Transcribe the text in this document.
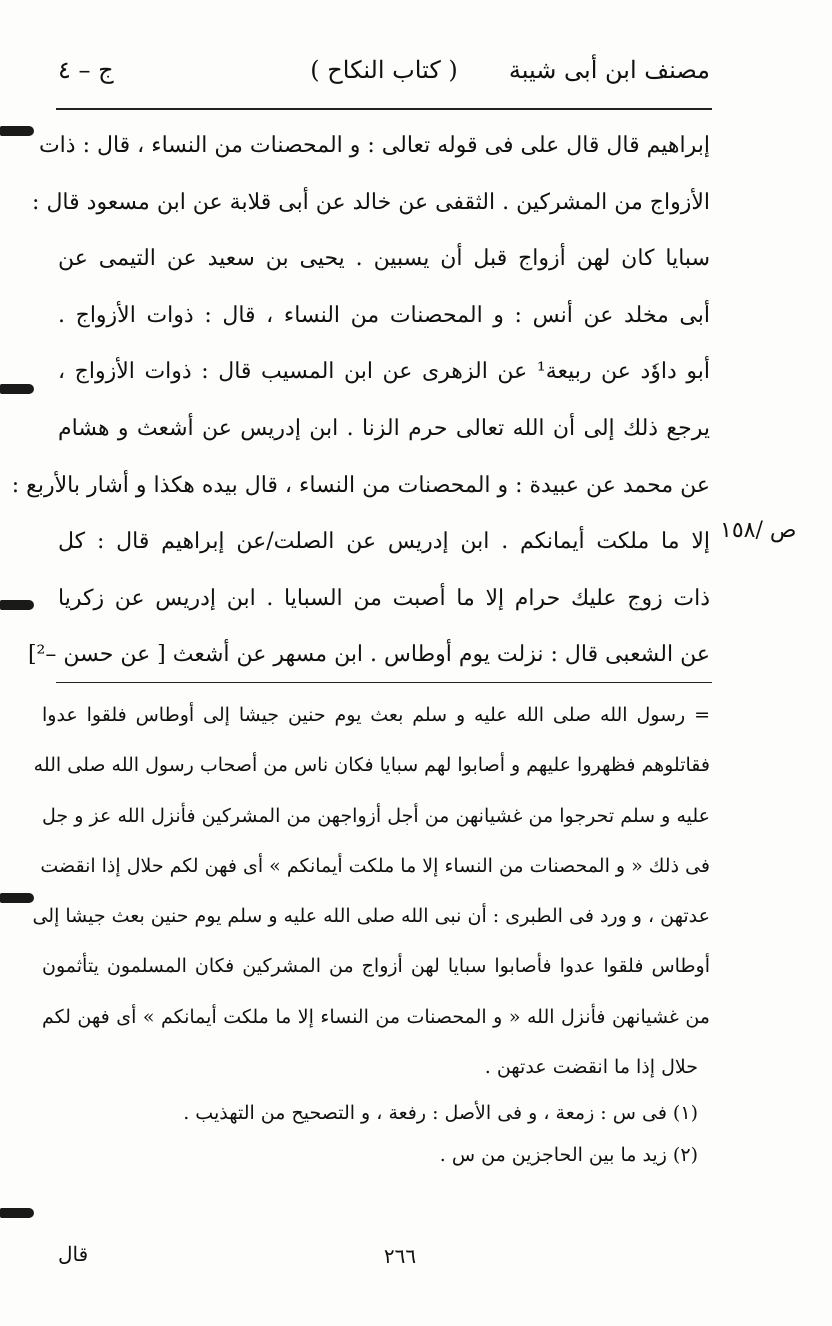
مصنف ابن أبى شيبة
( كتاب النكاح )
ج – ٤
إبراهيم قال قال على فى قوله تعالى : و المحصنات من النساء ، قال : ذات
الأزواج من المشركين . الثقفى عن خالد عن أبى قلابة عن ابن مسعود قال :
سبايا كان لهن أزواج قبل أن يسبين . يحيى بن سعيد عن التيمى عن
أبى مخلد عن أنس : و المحصنات من النساء ، قال : ذوات الأزواج .
أبو داوٗد عن ربيعة¹ عن الزهرى عن ابن المسيب قال : ذوات الأزواج ،
يرجع ذلك إلى أن الله تعالى حرم الزنا . ابن إدريس عن أشعث و هشام
عن محمد عن عبيدة : و المحصنات من النساء ، قال بيده هكذا و أشار بالأربع :
إلا ما ملكت أيمانكم . ابن إدريس عن الصلت/عن إبراهيم قال : كل
ذات زوج عليك حرام إلا ما أصبت من السبايا . ابن إدريس عن زكريا
عن الشعبى قال : نزلت يوم أوطاس . ابن مسهر عن أشعث [ عن حسن –²]
ص /١٥٨
= رسول الله صلى الله عليه و سلم بعث يوم حنين جيشا إلى أوطاس فلقوا عدوا
فقاتلوهم فظهروا عليهم و أصابوا لهم سبايا فكان ناس من أصحاب رسول الله صلى الله
عليه و سلم تحرجوا من غشيانهن من أجل أزواجهن من المشركين فأنزل الله عز و جل
فى ذلك « و المحصنات من النساء إلا ما ملكت أيمانكم » أى فهن لكم حلال إذا انقضت
عدتهن ، و ورد فى الطبرى : أن نبى الله صلى الله عليه و سلم يوم حنين بعث جيشا إلى
أوطاس فلقوا عدوا فأصابوا سبايا لهن أزواج من المشركين فكان المسلمون يتأثمون
من غشيانهن فأنزل الله « و المحصنات من النساء إلا ما ملكت أيمانكم » أى فهن لكم
حلال إذا ما انقضت عدتهن .
(١) فى س : زمعة ، و فى الأصل : رفعة ، و التصحيح من التهذيب .
(٢) زيد ما بين الحاجزين من س .
٢٦٦
قال
